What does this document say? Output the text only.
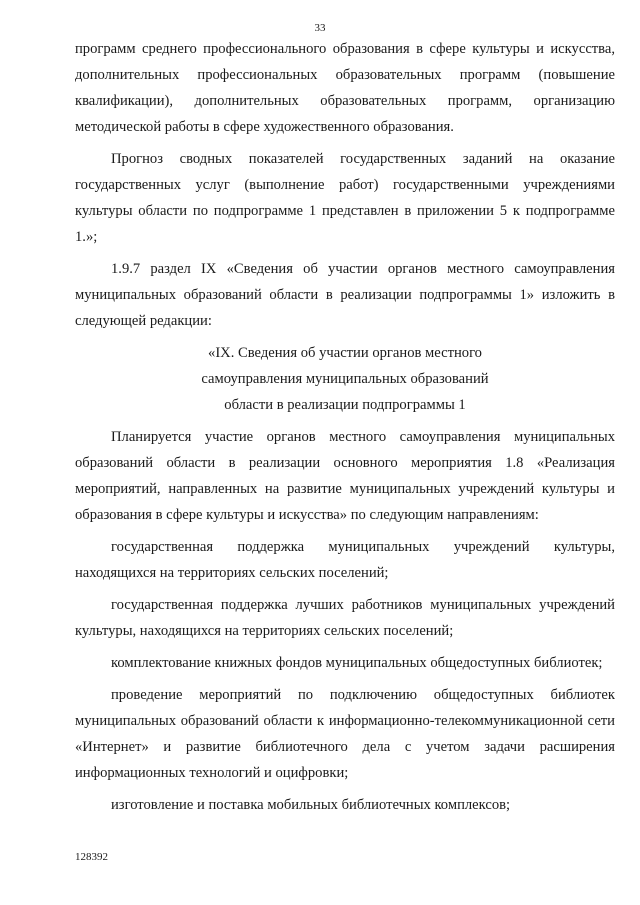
33

программ среднего профессионального образования в сфере культуры и искусства, дополнительных профессиональных образовательных программ (повышение квалификации), дополнительных образовательных программ, организацию методической работы в сфере художественного образования.

Прогноз сводных показателей государственных заданий на оказание государственных услуг (выполнение работ) государственными учреждениями культуры области по подпрограмме 1 представлен в приложении 5 к подпрограмме 1.»;

1.9.7 раздел IX «Сведения об участии органов местного самоуправления муниципальных образований области в реализации подпрограммы 1» изложить в следующей редакции:

«IX. Сведения об участии органов местного

самоуправления муниципальных образований

области в реализации подпрограммы 1

Планируется участие органов местного самоуправления муниципальных образований области в реализации основного мероприятия 1.8 «Реализация мероприятий, направленных на развитие муниципальных учреждений культуры и образования в сфере культуры и искусства» по следующим направлениям:

государственная поддержка муниципальных учреждений культуры, находящихся на территориях сельских поселений;

государственная поддержка лучших работников муниципальных учреждений культуры, находящихся на территориях сельских поселений;

комплектование книжных фондов муниципальных общедоступных библиотек;

проведение мероприятий по подключению общедоступных библиотек муниципальных образований области к информационно-телекоммуникационной сети «Интернет» и развитие библиотечного дела с учетом задачи расширения информационных технологий и оцифровки;

изготовление и поставка мобильных библиотечных комплексов;

128392
